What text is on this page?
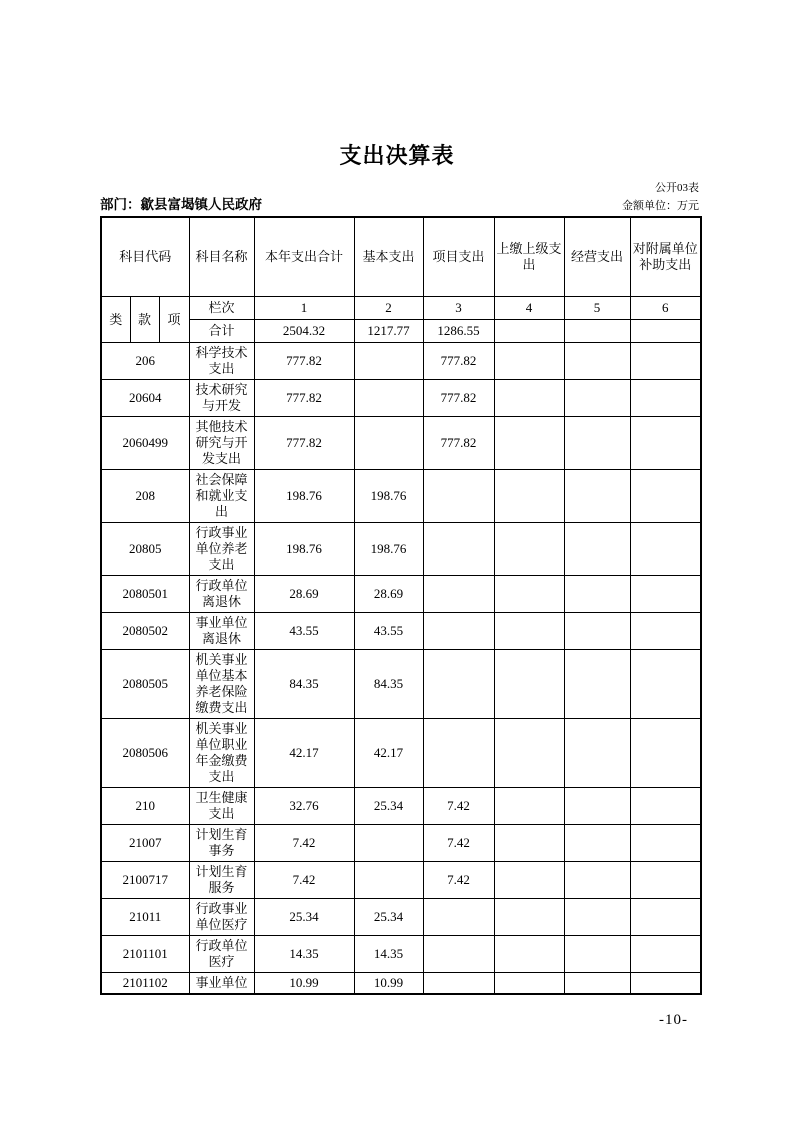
支出决算表
公开03表
部门：歙县富堨镇人民政府	金额单位：万元
科目代码			科目名称	本年支出合计	基本支出	项目支出	上缴上级支出	经营支出	对附属单位补助支出
类	款	项	栏次	1	2	3	4	5	6
			合计	2504.32	1217.77	1286.55			
206			科学技术支出	777.82		777.82			
20604			技术研究与开发	777.82		777.82			
2060499			其他技术研究与开发支出	777.82		777.82			
208			社会保障和就业支出	198.76	198.76				
20805			行政事业单位养老支出	198.76	198.76				
2080501			行政单位离退休	28.69	28.69				
2080502			事业单位离退休	43.55	43.55				
2080505			机关事业单位基本养老保险缴费支出	84.35	84.35				
2080506			机关事业单位职业年金缴费支出	42.17	42.17				
210			卫生健康支出	32.76	25.34	7.42			
21007			计划生育事务	7.42		7.42			
2100717			计划生育服务	7.42		7.42			
21011			行政事业单位医疗	25.34	25.34				
2101101			行政单位医疗	14.35	14.35				
2101102			事业单位	10.99	10.99				
-10-
